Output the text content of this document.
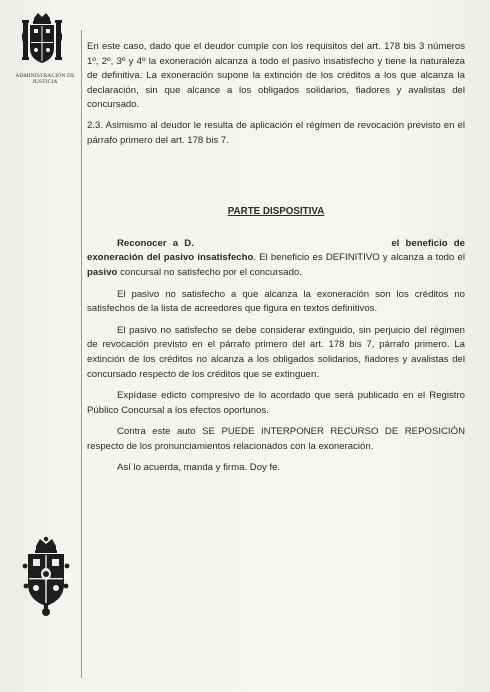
ADMINISTRACIÓN DE JUSTICIA

En este caso, dado que el deudor cumple con los requisitos del art. 178 bis 3 números 1º, 2º, 3º y 4º la exoneración alcanza a todo el pasivo insatisfecho y tiene la naturaleza de definitiva. La exoneración supone la extinción de los créditos a los que alcanza la declaración, sin que alcance a los obligados solidarios, fiadores y avalistas del concursado.

2.3. Asimismo al deudor le resulta de aplicación el régimen de revocación previsto en el párrafo primero del art. 178 bis 7.

PARTE DISPOSITIVA

Reconocer a D.	el beneficio de exoneración del pasivo insatisfecho. El beneficio es DEFINITIVO y alcanza a todo el pasivo concursal no satisfecho por el concursado.

El pasivo no satisfecho a que alcanza la exoneración son los créditos no satisfechos de la lista de acreedores que figura en textos definitivos.

El pasivo no satisfecho se debe considerar extinguido, sin perjuicio del régimen de revocación previsto en el párrafo primero del art. 178 bis 7, párrafo primero. La extinción de los créditos no alcanza a los obligados solidarios, fiadores y avalistas del concursado respecto de los créditos que se extinguen.

Expídase edicto compresivo de lo acordado que será publicado en el Registro Público Concursal a los efectos oportunos.

Contra este auto SE PUEDE INTERPONER RECURSO DE REPOSICIÓN respecto de los pronunciamientos relacionados con la exoneración.

Así lo acuerda, manda y firma. Doy fe.
